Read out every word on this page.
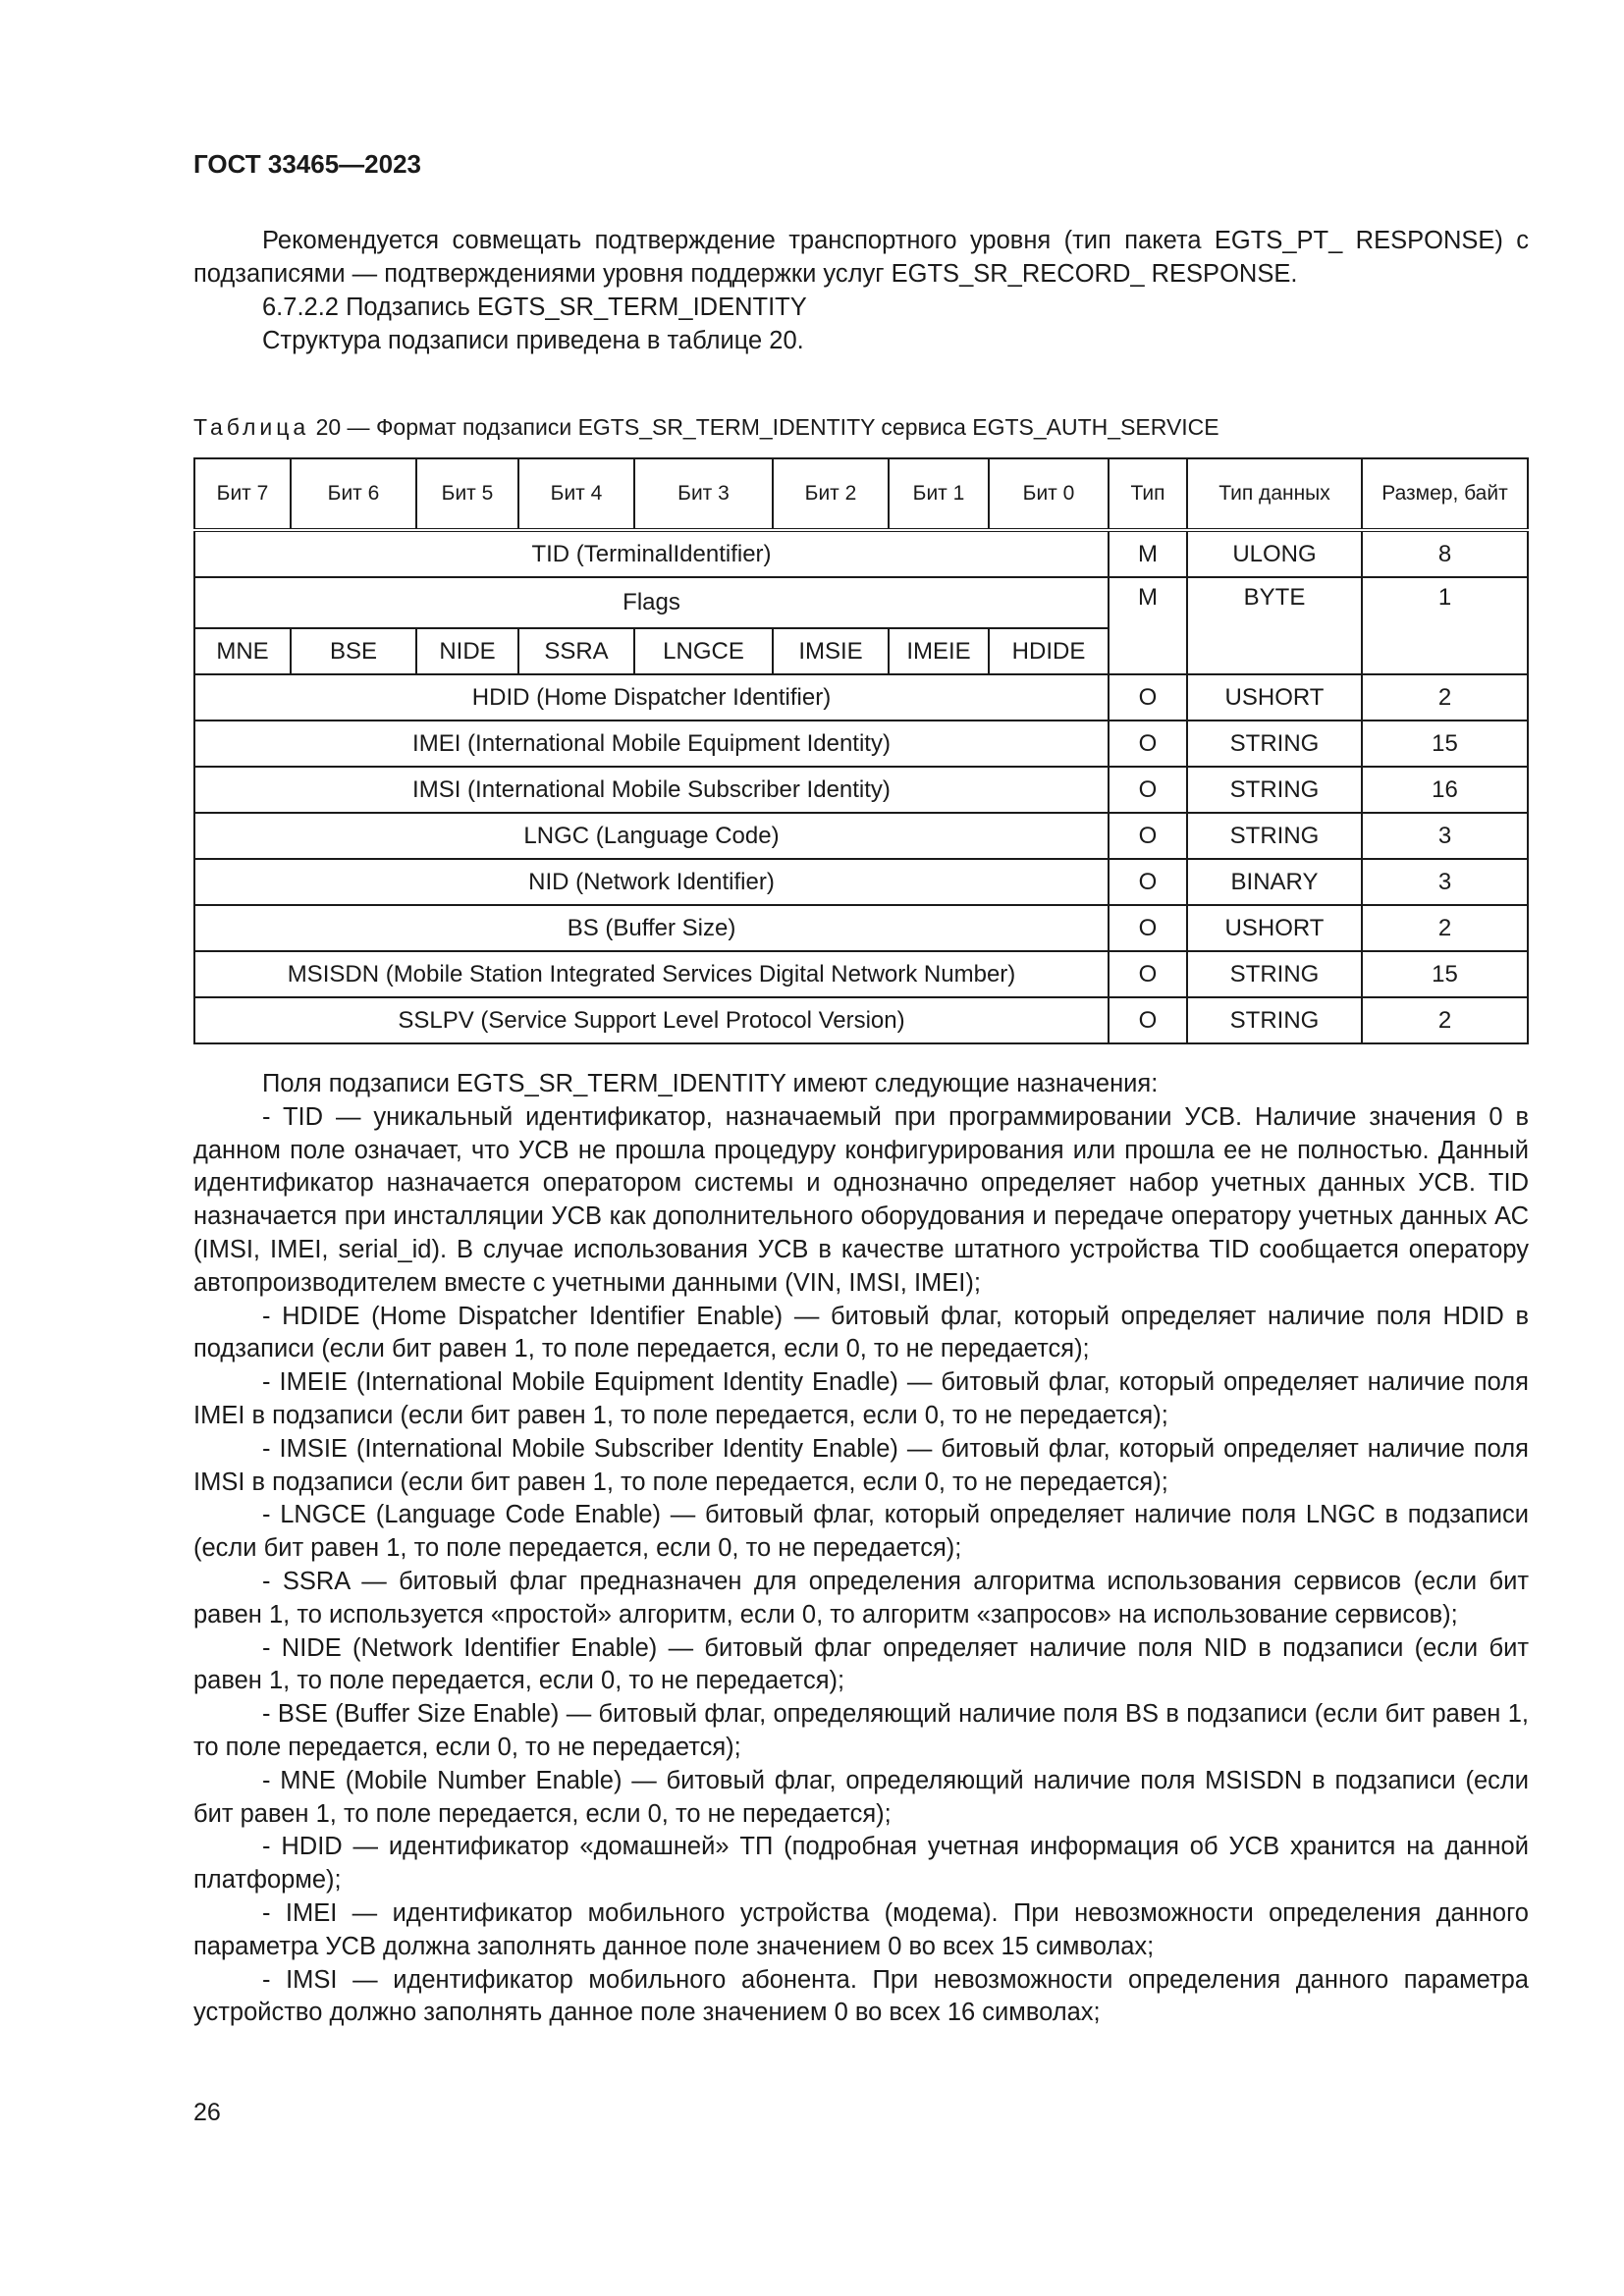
ГОСТ 33465—2023

Рекомендуется совмещать подтверждение транспортного уровня (тип пакета EGTS_PT_ RESPONSE) с подзаписями — подтверждениями уровня поддержки услуг EGTS_SR_RECORD_ RESPONSE.

6.7.2.2 Подзапись EGTS_SR_TERM_IDENTITY

Структура подзаписи приведена в таблице 20.

Таблица 20 — Формат подзаписи EGTS_SR_TERM_IDENTITY сервиса EGTS_AUTH_SERVICE
Бит 7	Бит 6	Бит 5	Бит 4	Бит 3	Бит 2	Бит 1	Бит 0	Тип	Тип данных	Размер, байт
TID (TerminalIdentifier)								M	ULONG	8
Flags								M	BYTE	1
MNE	BSE	NIDE	SSRA	LNGCE	IMSIE	IMEIE	HDIDE			
HDID (Home Dispatcher Identifier)								O	USHORT	2
IMEI (International Mobile Equipment Identity)								O	STRING	15
IMSI (International Mobile Subscriber Identity)								O	STRING	16
LNGC (Language Code)								O	STRING	3
NID (Network Identifier)								O	BINARY	3
BS (Buffer Size)								O	USHORT	2
MSISDN (Mobile Station Integrated Services Digital Network Number)								O	STRING	15
SSLPV (Service Support Level Protocol Version)								O	STRING	2

Поля подзаписи EGTS_SR_TERM_IDENTITY имеют следующие назначения:

- TID — уникальный идентификатор, назначаемый при программировании УСВ. Наличие значения 0 в данном поле означает, что УСВ не прошла процедуру конфигурирования или прошла ее не полностью. Данный идентификатор назначается оператором системы и однозначно определяет набор учетных данных УСВ. TID назначается при инсталляции УСВ как дополнительного оборудования и передаче оператору учетных данных АС (IMSI, IMEI, serial_id). В случае использования УСВ в качестве штатного устройства TID сообщается оператору автопроизводителем вместе с учетными данными (VIN, IMSI, IMEI);

- HDIDE (Home Dispatcher Identifier Enable) — битовый флаг, который определяет наличие поля HDID в подзаписи (если бит равен 1, то поле передается, если 0, то не передается);

- IMEIE (International Mobile Equipment Identity Enadle) — битовый флаг, который определяет наличие поля IMEI в подзаписи (если бит равен 1, то поле передается, если 0, то не передается);

- IMSIE (International Mobile Subscriber Identity Enable) — битовый флаг, который определяет наличие поля IMSI в подзаписи (если бит равен 1, то поле передается, если 0, то не передается);

- LNGCE (Language Code Enable) — битовый флаг, который определяет наличие поля LNGC в подзаписи (если бит равен 1, то поле передается, если 0, то не передается);

- SSRA — битовый флаг предназначен для определения алгоритма использования сервисов (если бит равен 1, то используется «простой» алгоритм, если 0, то алгоритм «запросов» на использование сервисов);

- NIDE (Network Identifier Enable) — битовый флаг определяет наличие поля NID в подзаписи (если бит равен 1, то поле передается, если 0, то не передается);

- BSE (Buffer Size Enable) — битовый флаг, определяющий наличие поля BS в подзаписи (если бит равен 1, то поле передается, если 0, то не передается);

- MNE (Mobile Number Enable) — битовый флаг, определяющий наличие поля MSISDN в подзаписи (если бит равен 1, то поле передается, если 0, то не передается);

- HDID — идентификатор «домашней» ТП (подробная учетная информация об УСВ хранится на данной платформе);

- IMEI — идентификатор мобильного устройства (модема). При невозможности определения данного параметра УСВ должна заполнять данное поле значением 0 во всех 15 символах;

- IMSI — идентификатор мобильного абонента. При невозможности определения данного параметра устройство должно заполнять данное поле значением 0 во всех 16 символах;

26
